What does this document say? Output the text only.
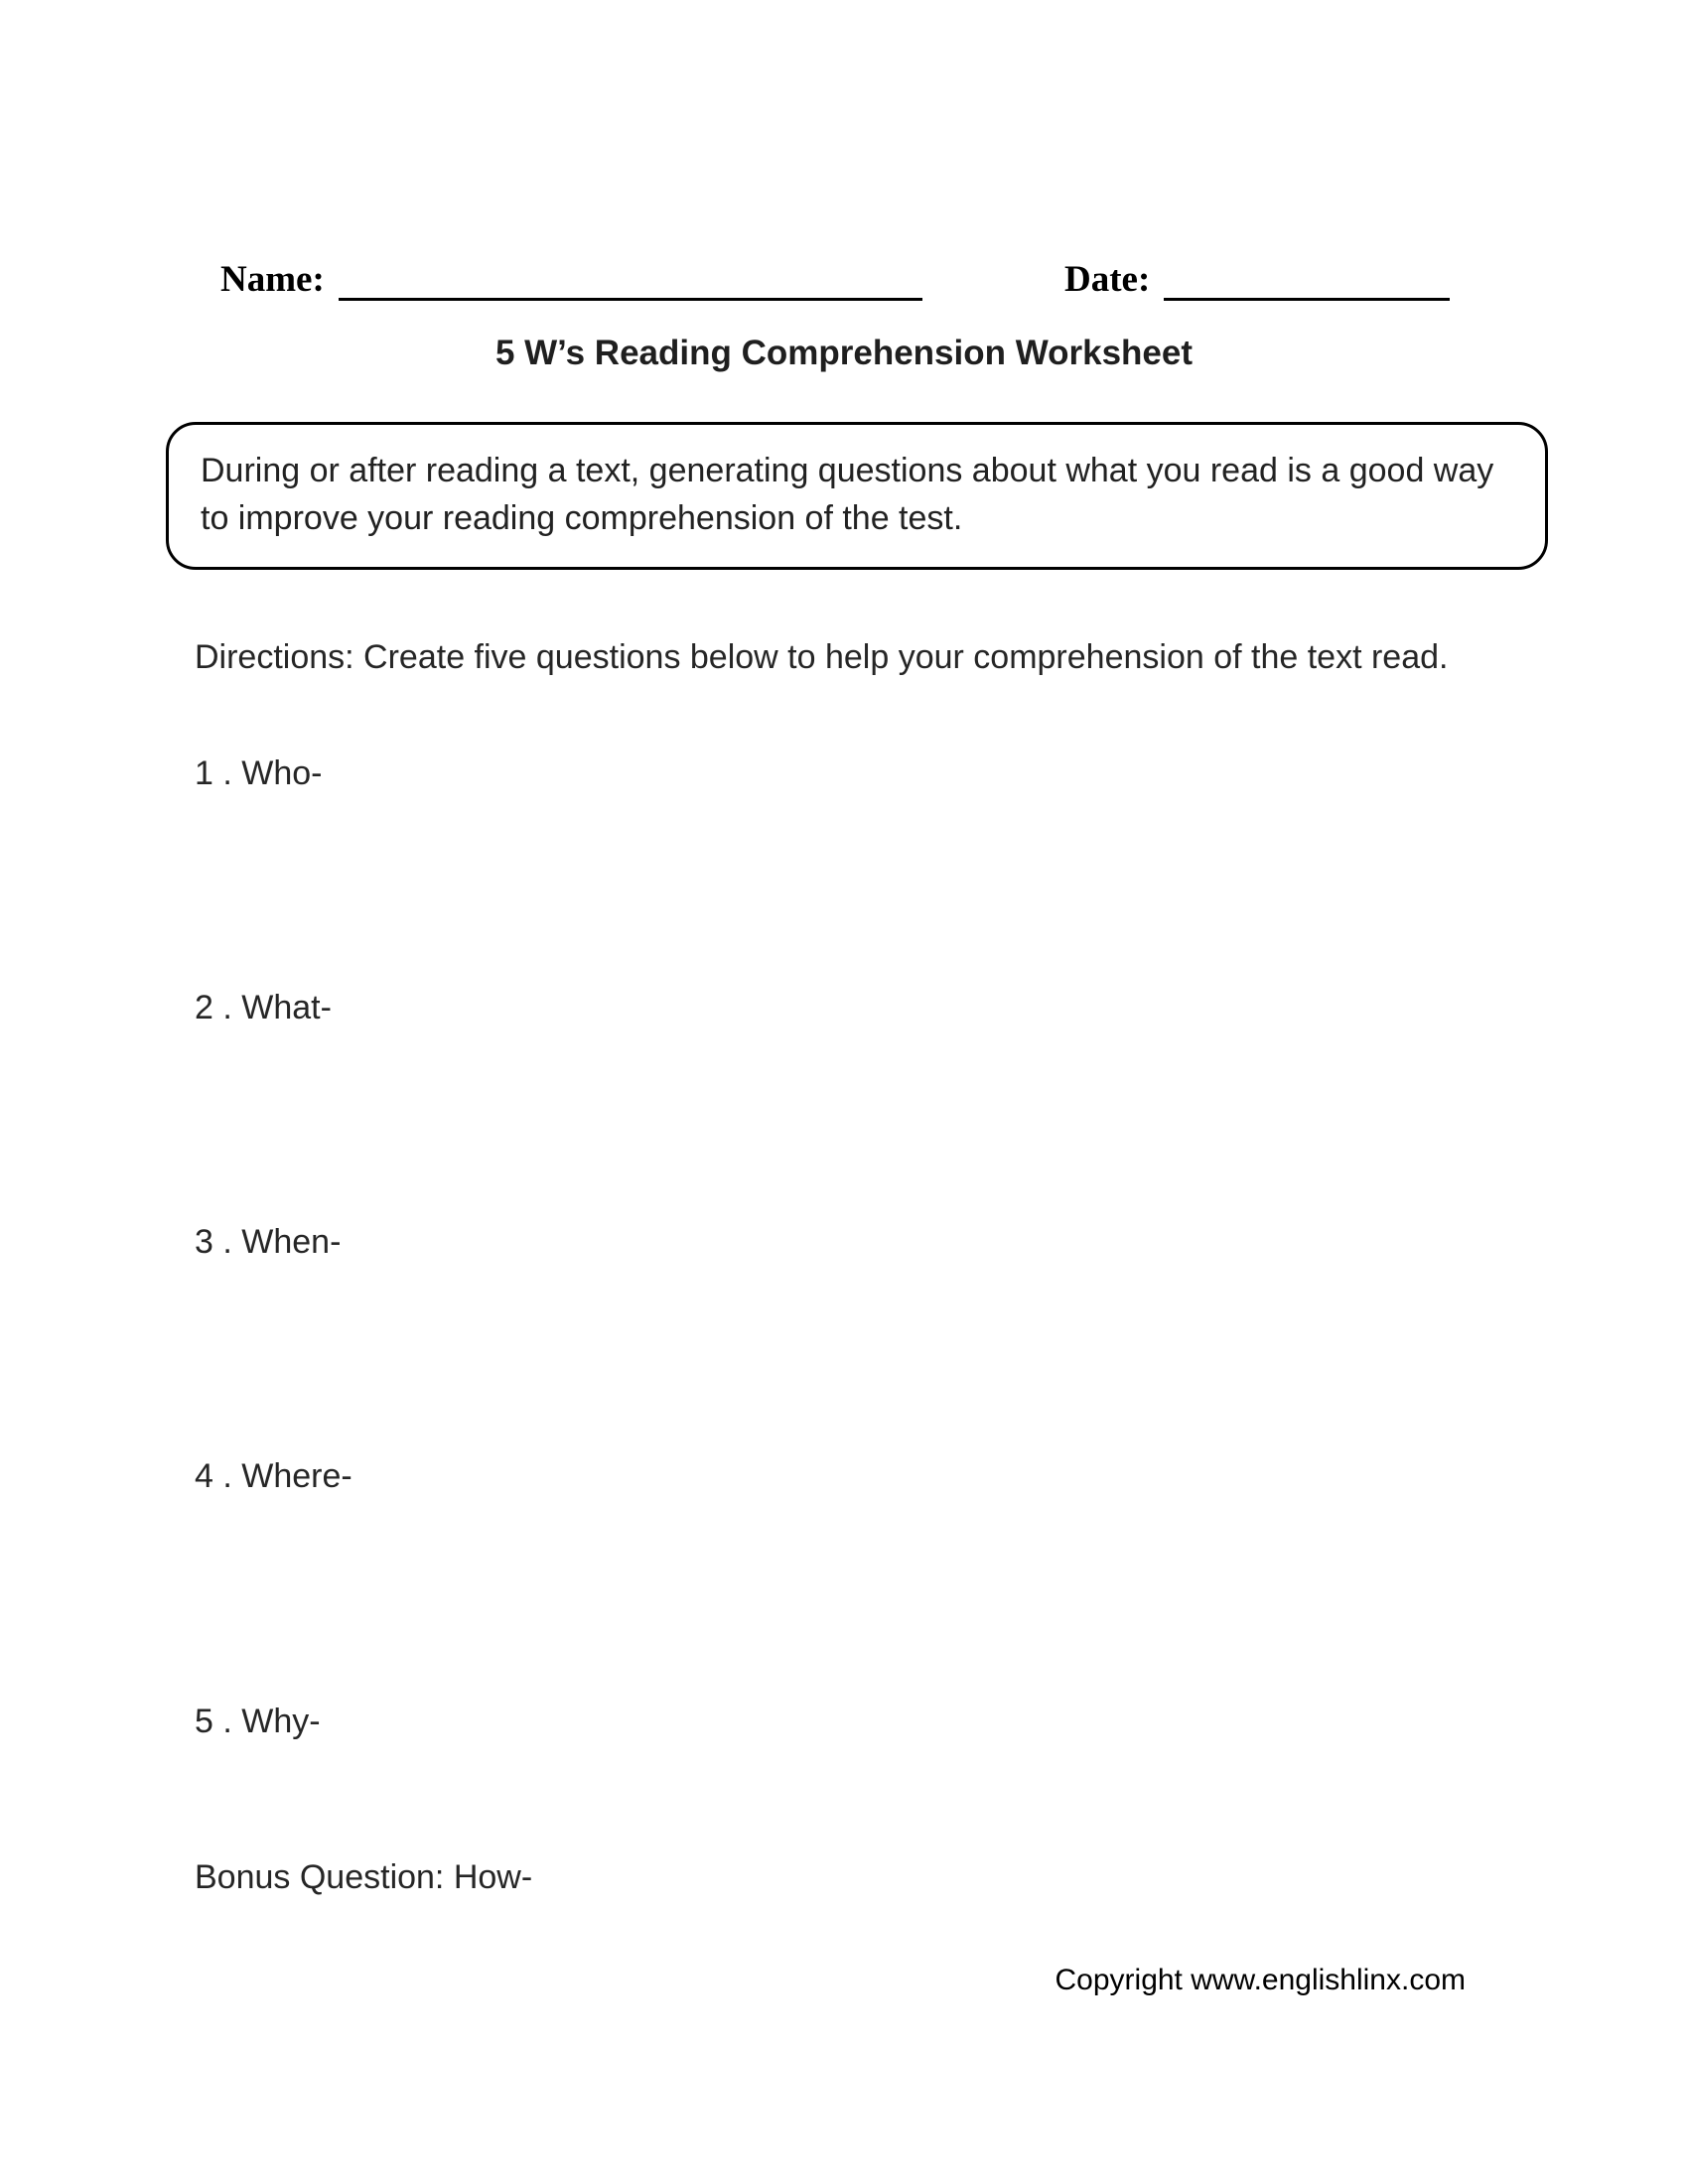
Name:	Date:
5 W’s Reading Comprehension Worksheet
During or after reading a text, generating questions about what you read is a good way to improve your reading comprehension of the test.
Directions: Create five questions below to help your comprehension of the text read.
1 . Who-
2 . What-
3 . When-
4 . Where-
5 . Why-
Bonus Question: How-
Copyright www.englishlinx.com
